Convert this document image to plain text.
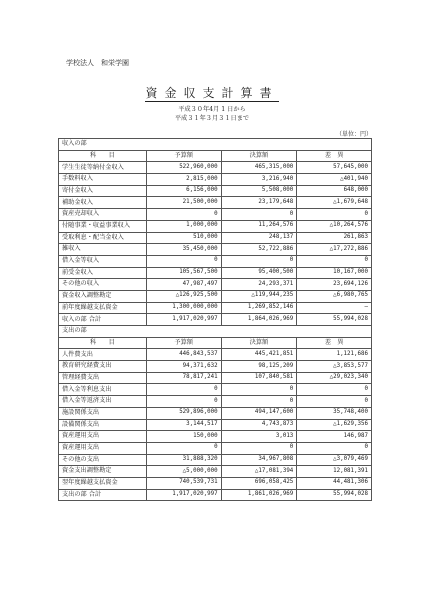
学校法人　和栄学園
資金収支計算書
平成３０年4月 1 日から
平成３１年３月３１日まで
（単位：円）
収入の部			
科　　目	予算額	決算額	差　異
学生生徒等納付金収入	522,960,000	465,315,000	57,645,000
手数料収入	2,815,000	3,216,940	△401,940
寄付金収入	6,156,000	5,508,000	648,000
補助金収入	21,500,000	23,179,648	△1,679,648
資産売却収入	0	0	0
付随事業・収益事業収入	1,000,000	11,264,576	△10,264,576
受取利息・配当金収入	510,000	248,137	261,863
雑収入	35,450,000	52,722,886	△17,272,886
借入金等収入	0	0	0
前受金収入	105,567,500	95,400,500	10,167,000
その他の収入	47,987,497	24,293,371	23,694,126
資金収入調整勘定	△126,925,500	△119,944,235	△6,980,765
前年度繰越支払資金	1,300,000,000	1,269,852,146	―
収入の部 合計	1,917,020,997	1,864,026,969	55,994,028
支出の部			
科　　目	予算額	決算額	差　異
人件費支出	446,843,537	445,421,851	1,121,686
教育研究経費支出	94,371,632	98,125,209	△3,853,577
管理経費支出	78,817,241	107,840,581	△29,023,340
借入金等利息支出	0	0	0
借入金等返済支出	0	0	0
施設関係支出	529,896,000	494,147,600	35,748,400
設備関係支出	3,144,517	4,743,873	△1,629,356
資産運用支出	150,000	3,013	146,987
資産運用支出	0	0	0
その他の支出	31,888,320	34,967,808	△3,079,469
資金支出調整勘定	△5,000,000	△17,081,394	12,081,391
翌年度繰越支払資金	740,539,731	696,058,425	44,481,306
支出の部 合計	1,917,020,997	1,861,026,969	55,994,028
